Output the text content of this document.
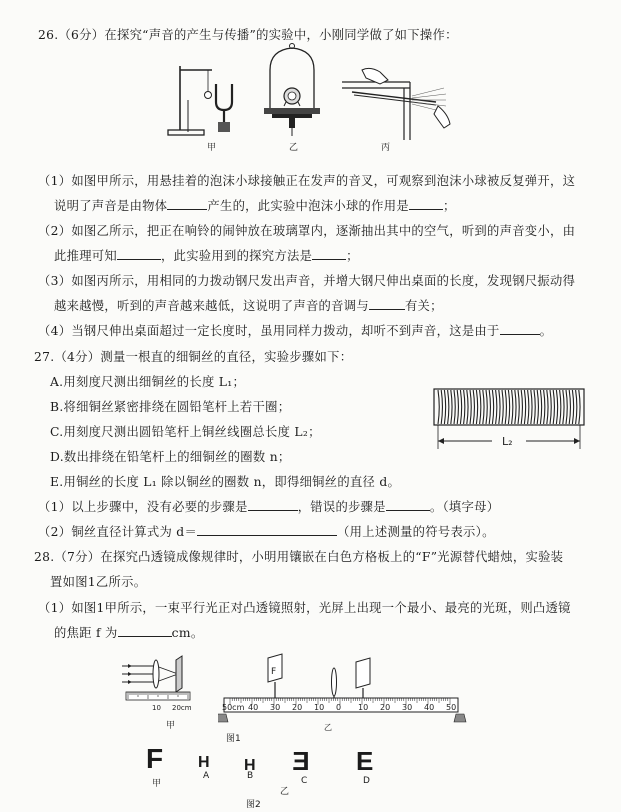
26.（6分）在探究“声音的产生与传播”的实验中，小刚同学做了如下操作：
甲	乙	丙
（1）如图甲所示，用悬挂着的泡沫小球接触正在发声的音叉，可观察到泡沫小球被反复弹开，这
说明了声音是由物体	产生的，此实验中泡沫小球的作用是	；
（2）如图乙所示，把正在响铃的闹钟放在玻璃罩内，逐渐抽出其中的空气，听到的声音变小，由
此推理可知	，此实验用到的探究方法是	；
（3）如图丙所示，用相同的力拨动钢尺发出声音，并增大钢尺伸出桌面的长度，发现钢尺振动得
越来越慢，听到的声音越来越低，这说明了声音的音调与	有关；
（4）当钢尺伸出桌面超过一定长度时，虽用同样力拨动，却听不到声音，这是由于	。
27.（4分）测量一根直的细铜丝的直径，实验步骤如下：
A.用刻度尺测出细铜丝的长度 L₁；
B.将细铜丝紧密排绕在圆铅笔杆上若干圈；
C.用刻度尺测出圆铅笔杆上铜丝线圈总长度 L₂；
D.数出排绕在铅笔杆上的细铜丝的圈数 n；
E.用铜丝的长度 L₁ 除以铜丝的圈数 n，即得细铜丝的直径 d。
L₂
（1）以上步骤中，没有必要的步骤是	，错误的步骤是	。（填字母）
（2）铜丝直径计算式为 d＝	（用上述测量的符号表示）。
28.（7分）在探究凸透镜成像规律时，小明用镶嵌在白色方格板上的“F”光源替代蜡烛，实验装
置如图1乙所示。
（1）如图1甲所示，一束平行光正对凸透镜照射，光屏上出现一个最小、最亮的光斑，则凸透镜
的焦距 f 为	cm。
10 20cm
甲
F
50cm 40 30 20 10 0 10 20 30 40 50
乙
图1
F H H E E
甲
A	B	C	D
乙
图2
